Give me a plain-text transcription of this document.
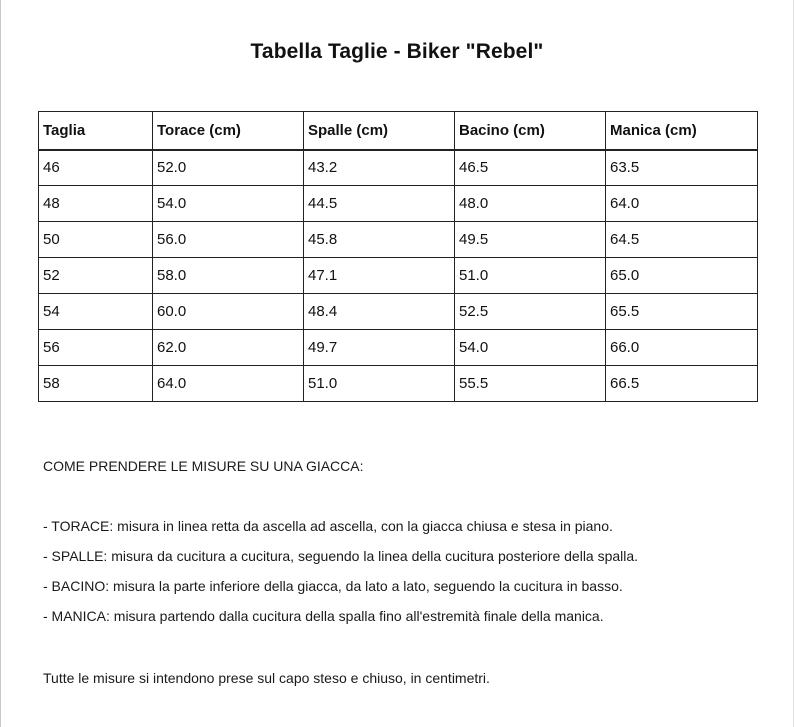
Tabella Taglie - Biker "Rebel"
Taglia	Torace (cm)	Spalle (cm)	Bacino (cm)	Manica (cm)
46	52.0	43.2	46.5	63.5
48	54.0	44.5	48.0	64.0
50	56.0	45.8	49.5	64.5
52	58.0	47.1	51.0	65.0
54	60.0	48.4	52.5	65.5
56	62.0	49.7	54.0	66.0
58	64.0	51.0	55.5	66.5
COME PRENDERE LE MISURE SU UNA GIACCA:
- TORACE: misura in linea retta da ascella ad ascella, con la giacca chiusa e stesa in piano.
- SPALLE: misura da cucitura a cucitura, seguendo la linea della cucitura posteriore della spalla.
- BACINO: misura la parte inferiore della giacca, da lato a lato, seguendo la cucitura in basso.
- MANICA: misura partendo dalla cucitura della spalla fino all'estremità finale della manica.
Tutte le misure si intendono prese sul capo steso e chiuso, in centimetri.
